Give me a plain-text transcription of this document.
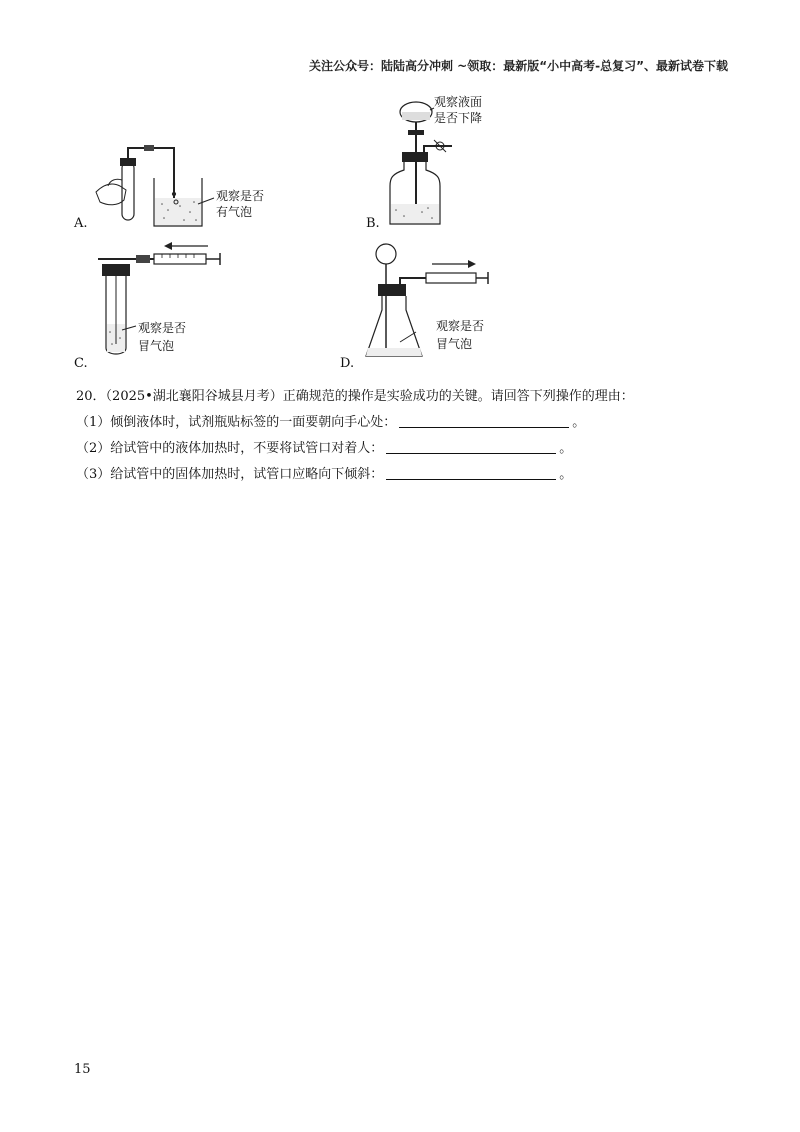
关注公众号：陆陆高分冲刺 ~领取：最新版“小中高考-总复习”、最新试卷下载
观察是否
有气泡
A.
观察液面
是否下降
B.
观察是否
冒气泡
C.
观察是否
冒气泡
D.
20．（2025•湖北襄阳谷城县月考）正确规范的操作是实验成功的关键。请回答下列操作的理由：
（1）倾倒液体时，试剂瓶贴标签的一面要朝向手心处：	。
（2）给试管中的液体加热时，不要将试管口对着人：	。
（3）给试管中的固体加热时，试管口应略向下倾斜：	。
15
